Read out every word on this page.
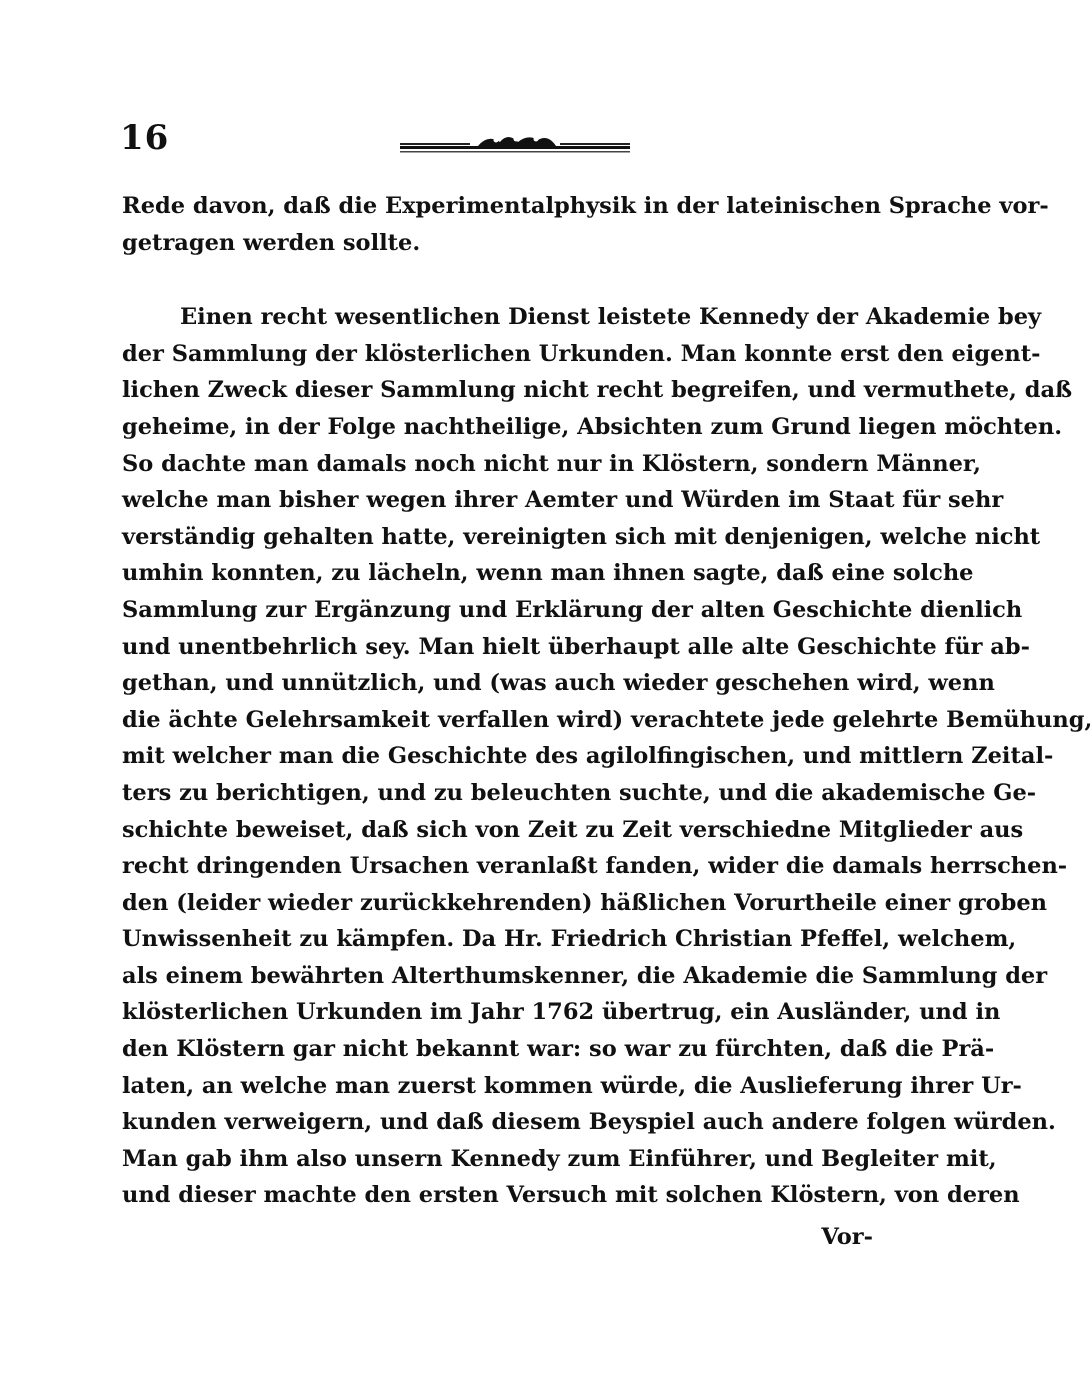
16
Rede davon, daß die Experimentalphysik in der lateinischen Sprache vor-
getragen werden sollte.
Einen recht wesentlichen Dienst leistete Kennedy der Akademie bey
der Sammlung der klösterlichen Urkunden. Man konnte erst den eigent-
lichen Zweck dieser Sammlung nicht recht begreifen, und vermuthete, daß
geheime, in der Folge nachtheilige, Absichten zum Grund liegen möchten.
So dachte man damals noch nicht nur in Klöstern, sondern Männer,
welche man bisher wegen ihrer Aemter und Würden im Staat für sehr
verständig gehalten hatte, vereinigten sich mit denjenigen, welche nicht
umhin konnten, zu lächeln, wenn man ihnen sagte, daß eine solche
Sammlung zur Ergänzung und Erklärung der alten Geschichte dienlich
und unentbehrlich sey. Man hielt überhaupt alle alte Geschichte für ab-
gethan, und unnützlich, und (was auch wieder geschehen wird, wenn
die ächte Gelehrsamkeit verfallen wird) verachtete jede gelehrte Bemühung,
mit welcher man die Geschichte des agilolfingischen, und mittlern Zeital-
ters zu berichtigen, und zu beleuchten suchte, und die akademische Ge-
schichte beweiset, daß sich von Zeit zu Zeit verschiedne Mitglieder aus
recht dringenden Ursachen veranlaßt fanden, wider die damals herrschen-
den (leider wieder zurückkehrenden) häßlichen Vorurtheile einer groben
Unwissenheit zu kämpfen. Da Hr. Friedrich Christian Pfeffel, welchem,
als einem bewährten Alterthumskenner, die Akademie die Sammlung der
klösterlichen Urkunden im Jahr 1762 übertrug, ein Ausländer, und in
den Klöstern gar nicht bekannt war: so war zu fürchten, daß die Prä-
laten, an welche man zuerst kommen würde, die Auslieferung ihrer Ur-
kunden verweigern, und daß diesem Beyspiel auch andere folgen würden.
Man gab ihm also unsern Kennedy zum Einführer, und Begleiter mit,
und dieser machte den ersten Versuch mit solchen Klöstern, von deren
Vor-
